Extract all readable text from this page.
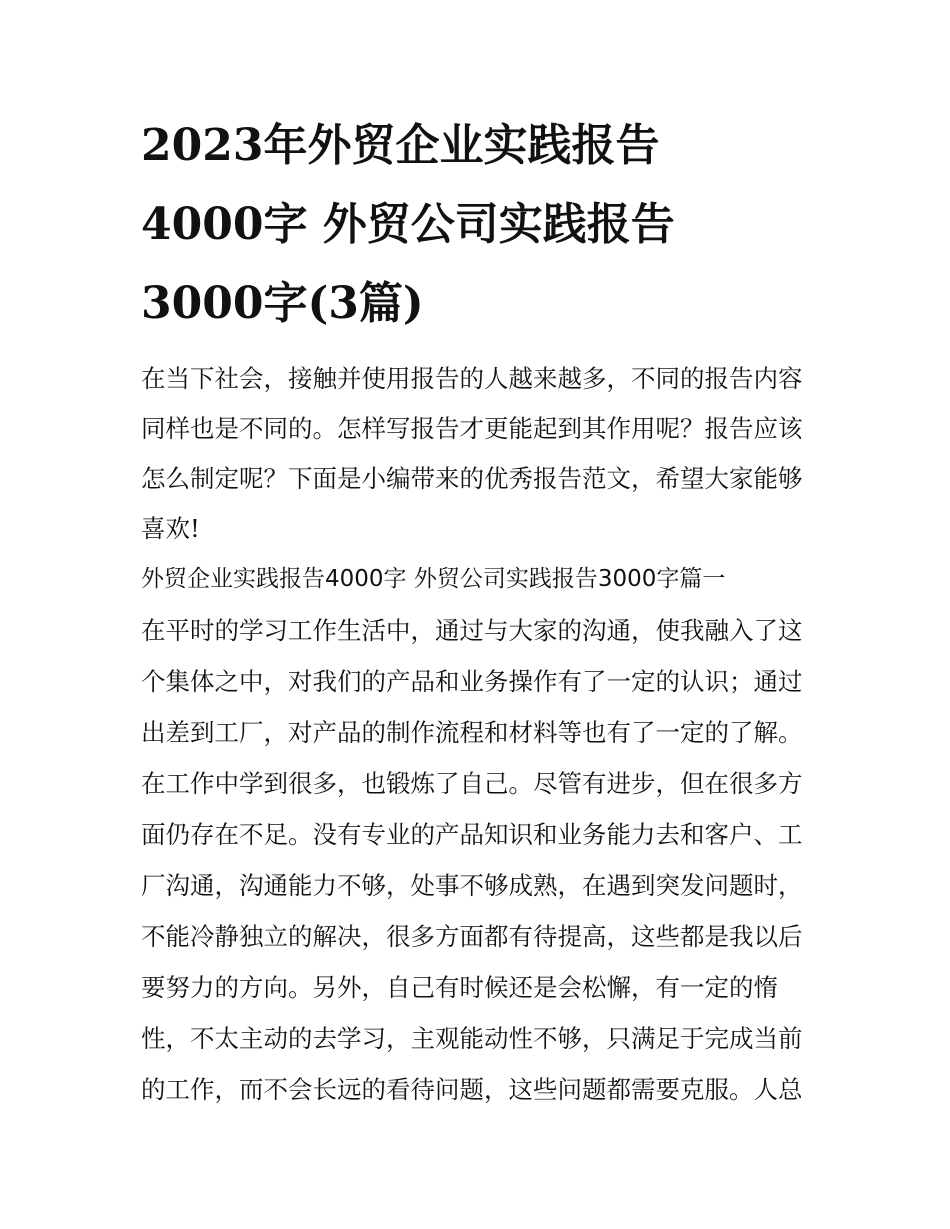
2023年外贸企业实践报告
4000字 外贸公司实践报告
3000字(3篇)
在当下社会，接触并使用报告的人越来越多，不同的报告内容
同样也是不同的。怎样写报告才更能起到其作用呢？报告应该
怎么制定呢？下面是小编带来的优秀报告范文，希望大家能够
喜欢!
外贸企业实践报告4000字 外贸公司实践报告3000字篇一
在平时的学习工作生活中，通过与大家的沟通，使我融入了这
个集体之中，对我们的产品和业务操作有了一定的认识；通过
出差到工厂，对产品的制作流程和材料等也有了一定的了解。
在工作中学到很多，也锻炼了自己。尽管有进步，但在很多方
面仍存在不足。没有专业的产品知识和业务能力去和客户、工
厂沟通，沟通能力不够，处事不够成熟，在遇到突发问题时，
不能冷静独立的解决，很多方面都有待提高，这些都是我以后
要努力的方向。另外，自己有时候还是会松懈，有一定的惰
性，不太主动的去学习，主观能动性不够，只满足于完成当前
的工作，而不会长远的看待问题，这些问题都需要克服。人总
